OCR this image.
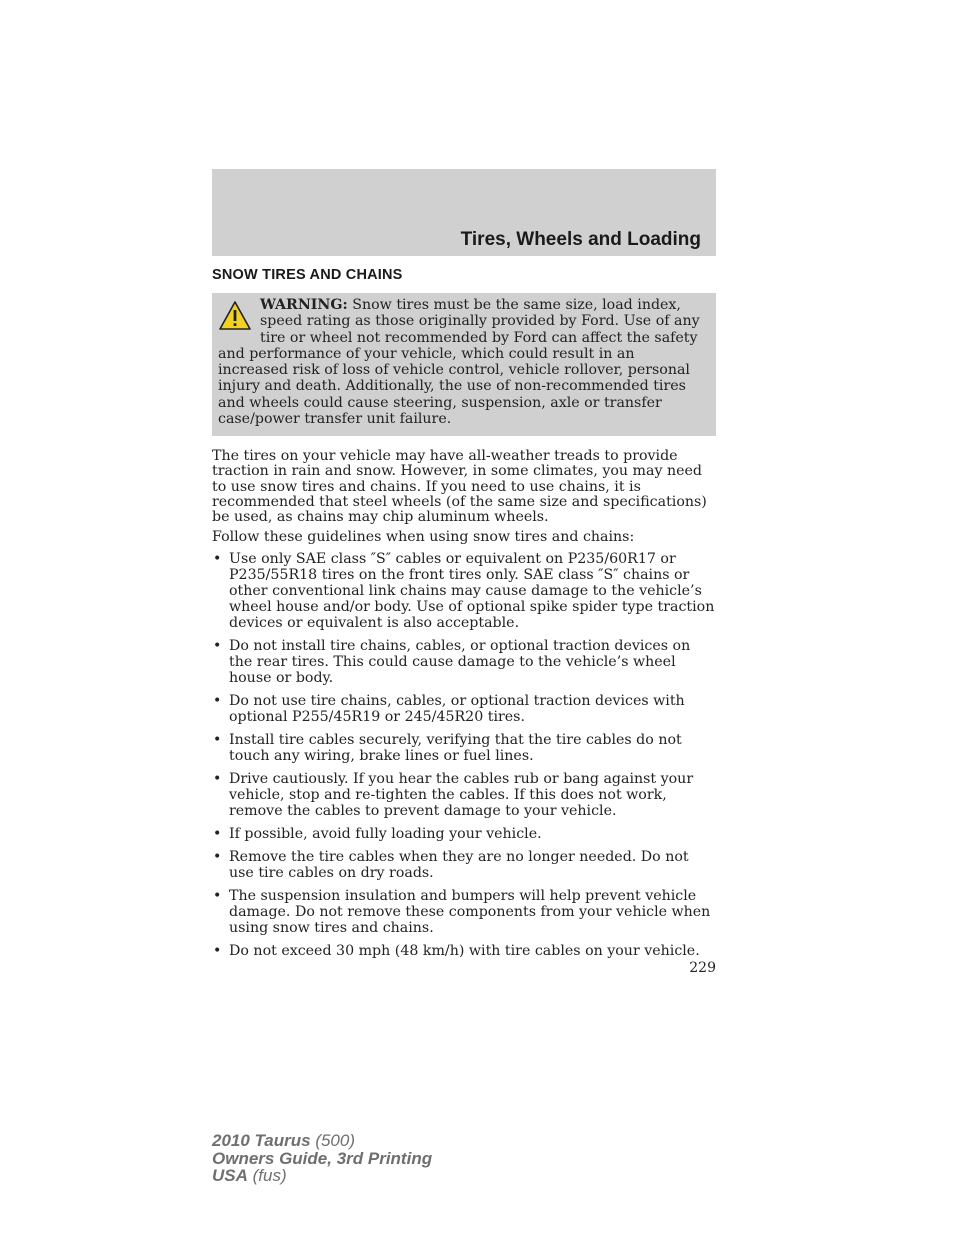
Tires, Wheels and Loading
SNOW TIRES AND CHAINS
WARNING: Snow tires must be the same size, load index, speed rating as those originally provided by Ford. Use of any tire or wheel not recommended by Ford can affect the safety and performance of your vehicle, which could result in an increased risk of loss of vehicle control, vehicle rollover, personal injury and death. Additionally, the use of non-recommended tires and wheels could cause steering, suspension, axle or transfer case/power transfer unit failure.

The tires on your vehicle may have all-weather treads to provide traction in rain and snow. However, in some climates, you may need to use snow tires and chains. If you need to use chains, it is recommended that steel wheels (of the same size and specifications) be used, as chains may chip aluminum wheels.

Follow these guidelines when using snow tires and chains:

• Use only SAE class ″S″ cables or equivalent on P235/60R17 or P235/55R18 tires on the front tires only. SAE class ″S″ chains or other conventional link chains may cause damage to the vehicle’s wheel house and/or body. Use of optional spike spider type traction devices or equivalent is also acceptable.
• Do not install tire chains, cables, or optional traction devices on the rear tires. This could cause damage to the vehicle’s wheel house or body.
• Do not use tire chains, cables, or optional traction devices with optional P255/45R19 or 245/45R20 tires.
• Install tire cables securely, verifying that the tire cables do not touch any wiring, brake lines or fuel lines.
• Drive cautiously. If you hear the cables rub or bang against your vehicle, stop and re-tighten the cables. If this does not work, remove the cables to prevent damage to your vehicle.
• If possible, avoid fully loading your vehicle.
• Remove the tire cables when they are no longer needed. Do not use tire cables on dry roads.
• The suspension insulation and bumpers will help prevent vehicle damage. Do not remove these components from your vehicle when using snow tires and chains.
• Do not exceed 30 mph (48 km/h) with tire cables on your vehicle.
229
2010 Taurus (500)
Owners Guide, 3rd Printing
USA (fus)
